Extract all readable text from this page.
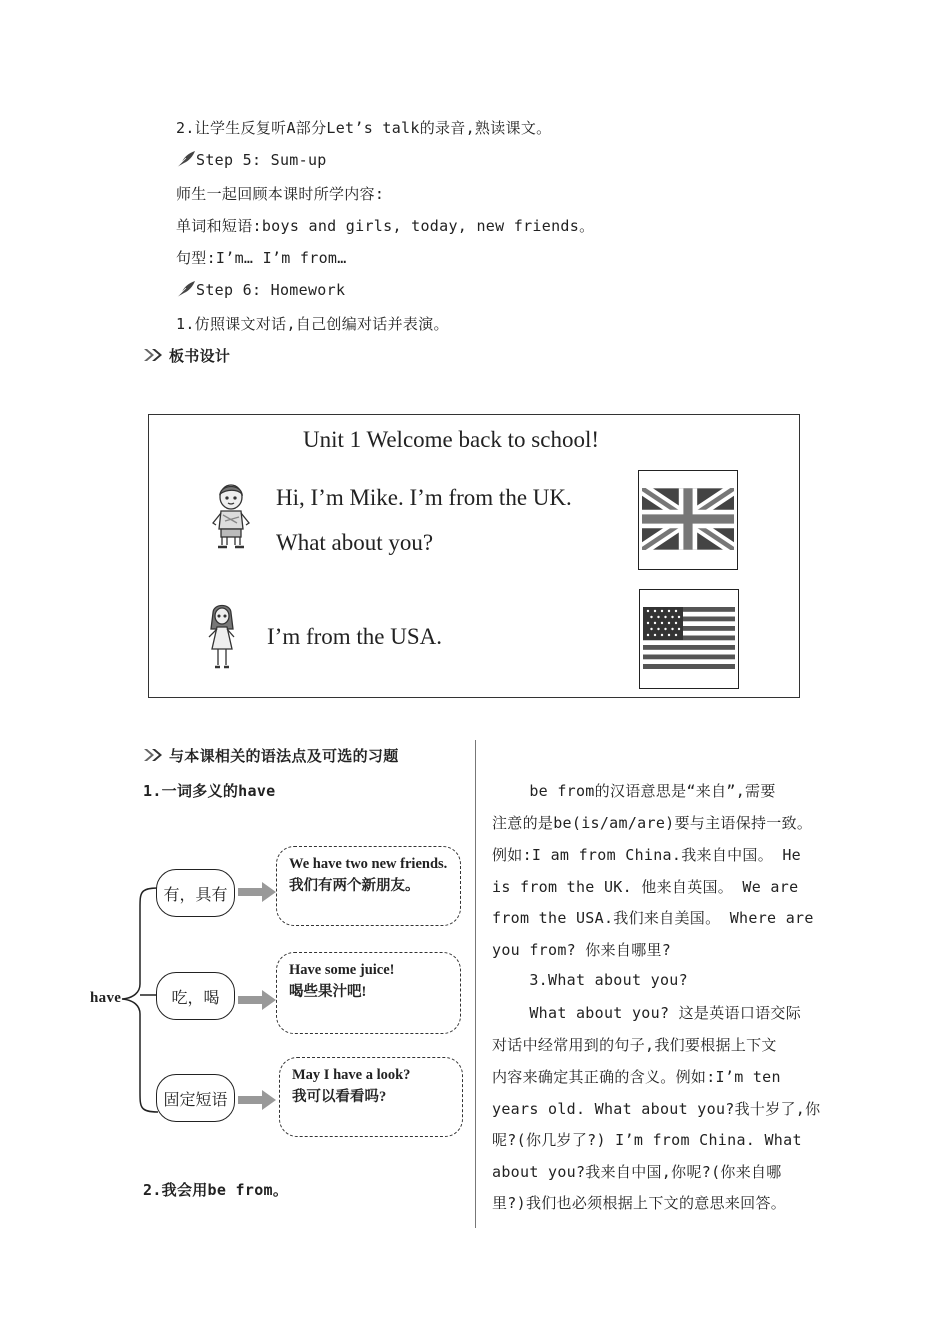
2.让学生反复听A部分Let’s talk的录音,熟读课文。
Step 5: Sum-up
师生一起回顾本课时所学内容:
单词和短语:boys and girls, today, new friends。
句型:I’m… I’m from…
Step 6: Homework
1.仿照课文对话,自己创编对话并表演。
板书设计
Unit 1 Welcome back to school!
Hi, I’m Mike. I’m from the UK.
What about you?
I’m from the USA.
与本课相关的语法点及可选的习题
1.一词多义的have
have
有，具有
吃，喝
固定短语
We have two new friends.
我们有两个新朋友。
Have some juice!
喝些果汁吧!
May I have a look?
我可以看看吗?
2.我会用be from。
be from的汉语意思是“来自”,需要
注意的是be(is/am/are)要与主语保持一致。
例如:I am from China.我来自中国。 He
is from the UK. 他来自英国。 We are
from the USA.我们来自美国。 Where are
you from? 你来自哪里?
3.What about you?
What about you? 这是英语口语交际
对话中经常用到的句子,我们要根据上下文
内容来确定其正确的含义。例如:I’m ten
years old. What about you?我十岁了,你
呢?(你几岁了?) I’m from China. What
about you?我来自中国,你呢?(你来自哪
里?)我们也必须根据上下文的意思来回答。
